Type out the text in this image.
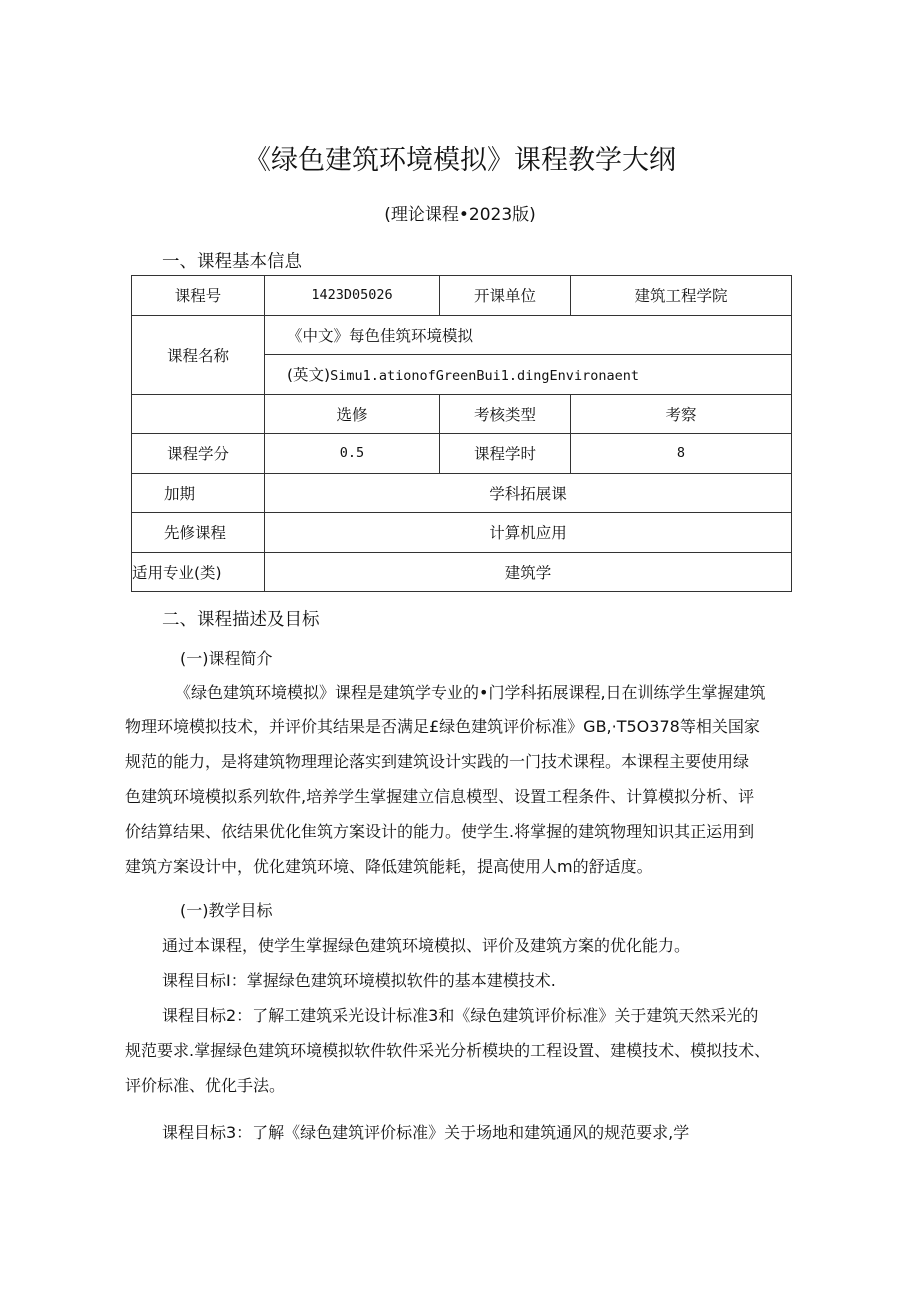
《绿色建筑环境模拟》课程教学大纲
(理论课程•2023版)
一、课程基本信息
课程号	1423D05026	开课单位	建筑工程学院
课程名称	《中文》每色佳筑环境模拟		
	(英文)Simu1.ationofGreenBui1.dingEnvironaent		
	选修	考核类型	考察
课程学分	0.5	课程学时	8
加期	学科拓展课		
先修课程	计算机应用		
适用专业(类)	建筑学		
二、课程描述及目标
(一)课程简介
《绿色建筑环境模拟》课程是建筑学专业的•门学科拓展课程,日在训练学生掌握建筑
物理环境模拟技术，并评价其结果是否满足£绿色建筑评价标准》GB,·T5O378等相关国家
规范的能力，是将建筑物理理论落实到建筑设计实践的一门技术课程。本课程主要使用绿
色建筑环境模拟系列软件,培养学生掌握建立信息模型、设置工程条件、计算模拟分析、评
价结算结果、依结果优化隹筑方案设计的能力。使学生.将掌握的建筑物理知识其正运用到
建筑方案设计中，优化建筑环境、降低建筑能耗，提高使用人m的舒适度。
(一)教学目标
通过本课程，使学生掌握绿色建筑环境模拟、评价及建筑方案的优化能力。
课程目标I：掌握绿色建筑环境模拟软件的基本建模技术.
课程目标2：了解工建筑采光设计标准3和《绿色建筑评价标准》关于建筑天然采光的
规范要求.掌握绿色建筑环境模拟软件软件采光分析模块的工程设置、建模技术、模拟技术、
评价标准、优化手法。
课程目标3：了解《绿色建筑评价标准》关于场地和建筑通风的规范要求,学
